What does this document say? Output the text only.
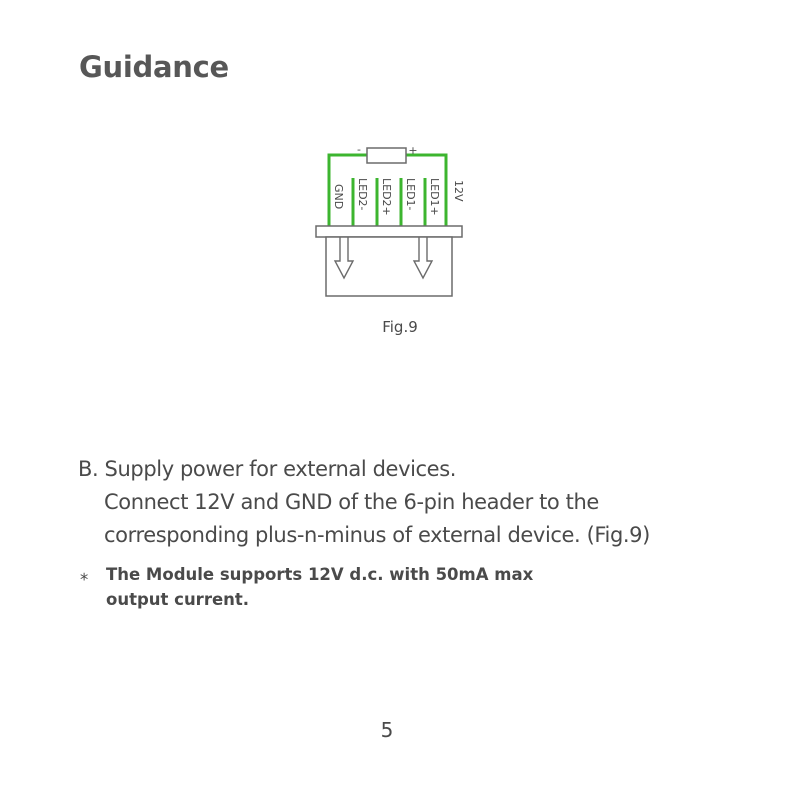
Guidance
-	+
GND LED2- LED2+ LED1- LED1+ 12V
Fig.9
B. Supply power for external devices.
Connect 12V and GND of the 6-pin header to the
corresponding plus-n-minus of external device. (Fig.9)
⁎ The Module supports 12V d.c. with 50mA max
output current.
5
